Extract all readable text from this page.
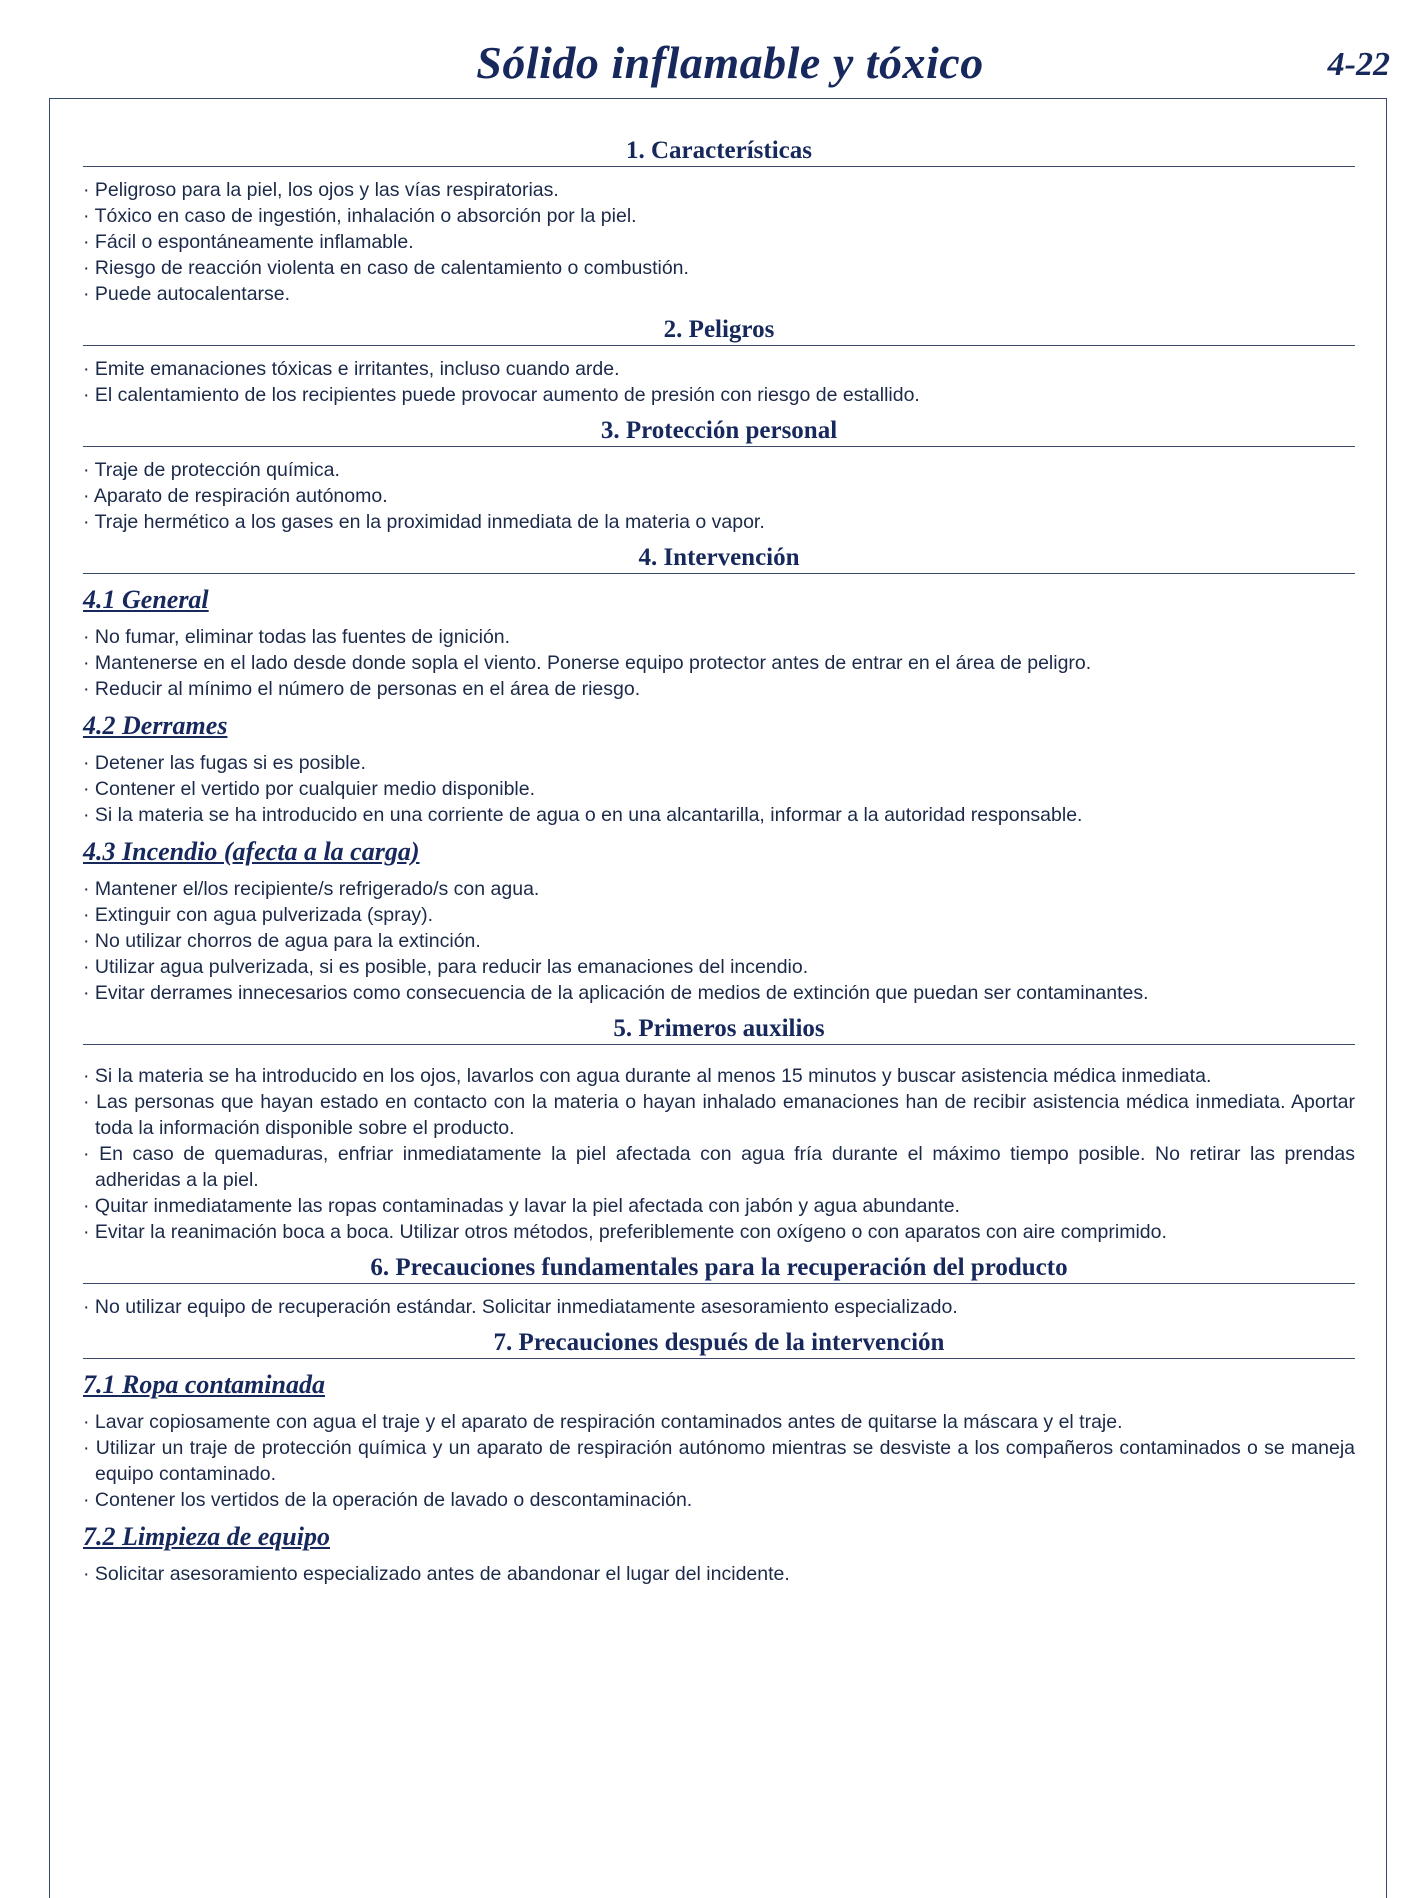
Sólido inflamable y tóxico	4-22
1. Características
· Peligroso para la piel, los ojos y las vías respiratorias.
· Tóxico en caso de ingestión, inhalación o absorción por la piel.
· Fácil o espontáneamente inflamable.
· Riesgo de reacción violenta en caso de calentamiento o combustión.
· Puede autocalentarse.
2. Peligros
· Emite emanaciones tóxicas e irritantes, incluso cuando arde.
· El calentamiento de los recipientes puede provocar aumento de presión con riesgo de estallido.
3. Protección personal
· Traje de protección química.
· Aparato de respiración autónomo.
· Traje hermético a los gases en la proximidad inmediata de la materia o vapor.
4. Intervención
4.1 General
· No fumar, eliminar todas las fuentes de ignición.
· Mantenerse en el lado desde donde sopla el viento. Ponerse equipo protector antes de entrar en el área de peligro.
· Reducir al mínimo el número de personas en el área de riesgo.
4.2 Derrames
· Detener las fugas si es posible.
· Contener el vertido por cualquier medio disponible.
· Si la materia se ha introducido en una corriente de agua o en una alcantarilla, informar a la autoridad responsable.
4.3 Incendio (afecta a la carga)
· Mantener el/los recipiente/s refrigerado/s con agua.
· Extinguir con agua pulverizada (spray).
· No utilizar chorros de agua para la extinción.
· Utilizar agua pulverizada, si es posible, para reducir las emanaciones del incendio.
· Evitar derrames innecesarios como consecuencia de la aplicación de medios de extinción que puedan ser contaminantes.
5. Primeros auxilios
· Si la materia se ha introducido en los ojos, lavarlos con agua durante al menos 15 minutos y buscar asistencia médica inmediata.
· Las personas que hayan estado en contacto con la materia o hayan inhalado emanaciones han de recibir asistencia médica inmediata. Aportar toda la información disponible sobre el producto.
· En caso de quemaduras, enfriar inmediatamente la piel afectada con agua fría durante el máximo tiempo posible. No retirar las prendas adheridas a la piel.
· Quitar inmediatamente las ropas contaminadas y lavar la piel afectada con jabón y agua abundante.
· Evitar la reanimación boca a boca. Utilizar otros métodos, preferiblemente con oxígeno o con aparatos con aire comprimido.
6. Precauciones fundamentales para la recuperación del producto
· No utilizar equipo de recuperación estándar. Solicitar inmediatamente asesoramiento especializado.
7. Precauciones después de la intervención
7.1 Ropa contaminada
· Lavar copiosamente con agua el traje y el aparato de respiración contaminados antes de quitarse la máscara y el traje.
· Utilizar un traje de protección química y un aparato de respiración autónomo mientras se desviste a los compañeros contaminados o se maneja equipo contaminado.
· Contener los vertidos de la operación de lavado o descontaminación.
7.2 Limpieza de equipo
· Solicitar asesoramiento especializado antes de abandonar el lugar del incidente.
